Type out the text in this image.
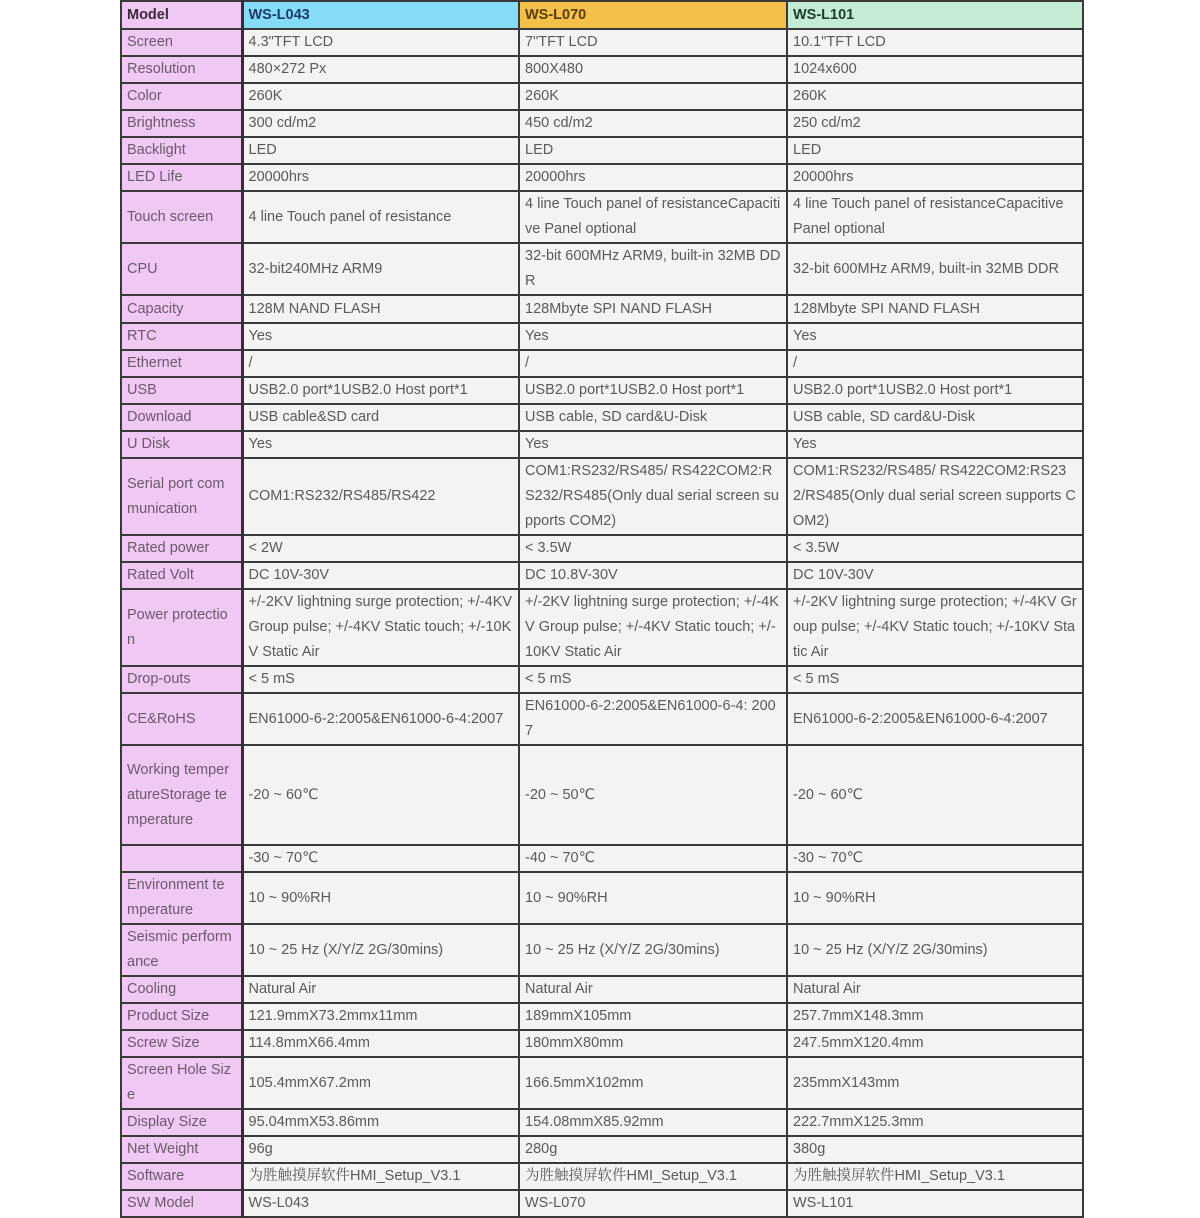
Model	WS-L043	WS-L070	WS-L101
Screen	4.3"TFT LCD	7"TFT LCD	10.1"TFT LCD
Resolution	480×272 Px	800X480	1024x600
Color	260K	260K	260K
Brightness	300 cd/m2	450 cd/m2	250 cd/m2
Backlight	LED	LED	LED
LED Life	20000hrs	20000hrs	20000hrs
Touch screen	4 line Touch panel of resistance	4 line Touch panel of resistanceCapacitive Panel optional	4 line Touch panel of resistanceCapacitive Panel optional
CPU	32-bit240MHz ARM9	32-bit 600MHz ARM9, built-in 32MB DDR	32-bit 600MHz ARM9, built-in 32MB DDR
Capacity	128M NAND FLASH	128Mbyte SPI NAND FLASH	128Mbyte SPI NAND FLASH
RTC	Yes	Yes	Yes
Ethernet	/	/	/
USB	USB2.0 port*1USB2.0 Host port*1	USB2.0 port*1USB2.0 Host port*1	USB2.0 port*1USB2.0 Host port*1
Download	USB cable&SD card	USB cable, SD card&U-Disk	USB cable, SD card&U-Disk
U Disk	Yes	Yes	Yes
Serial port communication	COM1:RS232/RS485/RS422	COM1:RS232/RS485/ RS422COM2:RS232/RS485(Only dual serial screen supports COM2)	COM1:RS232/RS485/ RS422COM2:RS232/RS485(Only dual serial screen supports COM2)
Rated power	< 2W	< 3.5W	< 3.5W
Rated Volt	DC 10V-30V	DC 10.8V-30V	DC 10V-30V
Power protection	+/-2KV lightning surge protection; +/-4KV Group pulse; +/-4KV Static touch; +/-10KV Static Air	+/-2KV lightning surge protection; +/-4KV Group pulse; +/-4KV Static touch; +/-10KV Static Air	+/-2KV lightning surge protection; +/-4KV Group pulse; +/-4KV Static touch; +/-10KV Static Air
Drop-outs	< 5 mS	< 5 mS	< 5 mS
CE&RoHS	EN61000-6-2:2005&EN61000-6-4:2007	EN61000-6-2:2005&EN61000-6-4: 2007	EN61000-6-2:2005&EN61000-6-4:2007
Working temperatureStorage temperature	-20 ~ 60℃	-20 ~ 50℃	-20 ~ 60℃
	-30 ~ 70℃	-40 ~ 70℃	-30 ~ 70℃
Environment temperature	10 ~ 90%RH	10 ~ 90%RH	10 ~ 90%RH
Seismic performance	10 ~ 25 Hz (X/Y/Z 2G/30mins)	10 ~ 25 Hz (X/Y/Z 2G/30mins)	10 ~ 25 Hz (X/Y/Z 2G/30mins)
Cooling	Natural Air	Natural Air	Natural Air
Product Size	121.9mmX73.2mmx11mm	189mmX105mm	257.7mmX148.3mm
Screw Size	114.8mmX66.4mm	180mmX80mm	247.5mmX120.4mm
Screen Hole Size	105.4mmX67.2mm	166.5mmX102mm	235mmX143mm
Display Size	95.04mmX53.86mm	154.08mmX85.92mm	222.7mmX125.3mm
Net Weight	96g	280g	380g
Software	为胜触摸屏软件HMI_Setup_V3.1	为胜触摸屏软件HMI_Setup_V3.1	为胜触摸屏软件HMI_Setup_V3.1
SW Model	WS-L043	WS-L070	WS-L101
